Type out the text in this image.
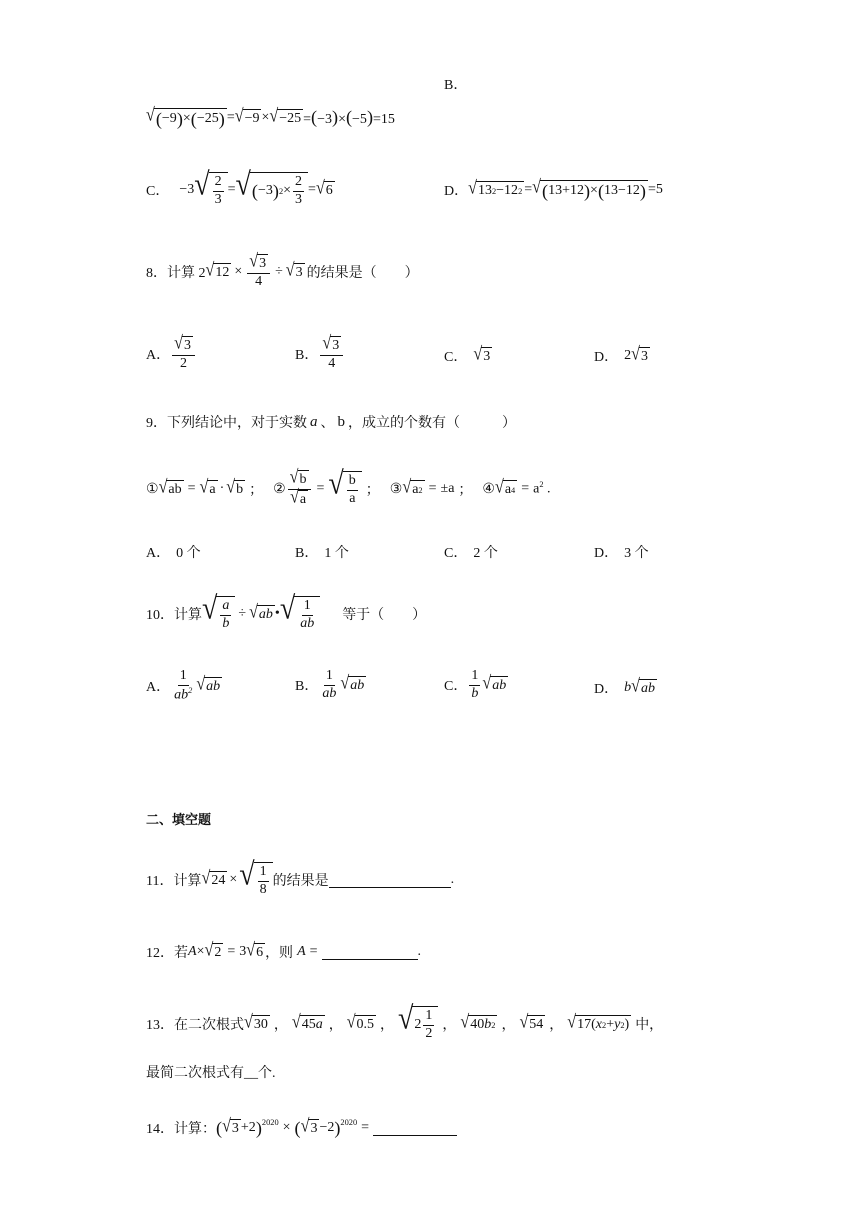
B．
√ ( −9 ) × ( −25 ) = √ −9 × √ −25 =(−3)×(−5)=15
C． −3 √ $\frac{2}{3}$ = √ ( −3 ) $2 \times \frac{2}{3}$ = √ 6	D． √ 13 2 −12 2 = √ ( 13+12 ) × ( 13−12 ) =5
8．计算 2 √ $12 \times \frac{√ 3}{4}$ ÷ √ 3 的结果是（　　）
A． $\frac{√ 3}{2}$	B． $\frac{√ 3}{4}$	C． √ 3	D． 2 √ 3
9．下列结论中，对于实数 a 、 b ，成立的个数有（　　　）
① √ ab = √ a · √ b ； ② $\frac{√ b}{√ a}$ = √ $\frac{b}{a}$ ； ③ √ a 2 = ±a ； ④ √ a $4 = a^2$ .
A． 0 个	B． 1 个	C． 2 个	D． 3 个
10．计算 √ $\frac{a}{b}$ ÷ √ ab • √ $\frac{1}{ab}$ 等于（　　）
A． $\frac{1}{ab^2}$ √ ab	B． $\frac{1}{ab}$ √ ab	C． $\frac{1}{b}$ √ ab	D． b √ ab
二、填空题
11．计算 √ 24 × √ $\frac{1}{8}$ 的结果是	.
12．若 A × √ 2 = 3 √ 6 ，则 A =	.
13．在二次根式 √ 30 ， √ 45 a ， √ 0.5 ， √ $2 \frac{1}{2}$ ， √ 40 b 2 ， √ 54 ， √ 17( x 2 + y 2 ) 中，
最简二次根式有__个.
14．计算： ( √ 3 +2 )$^{2020}$ × ( √ 3 −2 )$^{2020}$ =
